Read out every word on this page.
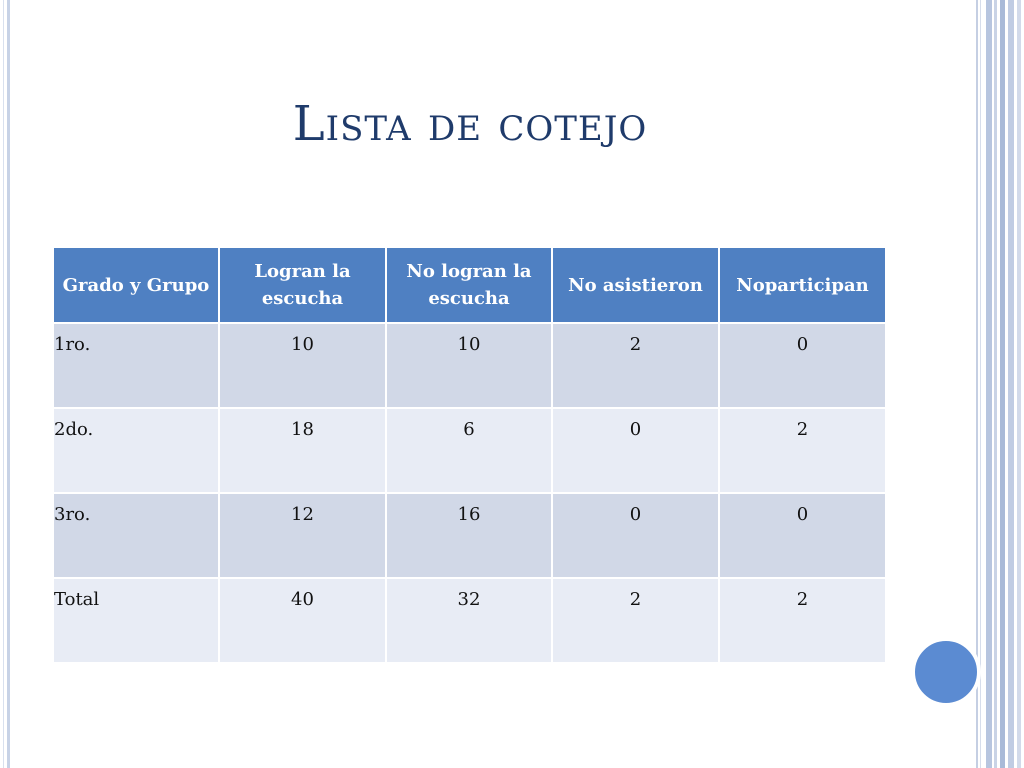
Lista de cotejo
Grado y Grupo	Logran la escucha	No logran la escucha	No asistieron	Noparticipan
1ro.	10	10	2	0
2do.	18	6	0	2
3ro.	12	16	0	0
Total	40	32	2	2
